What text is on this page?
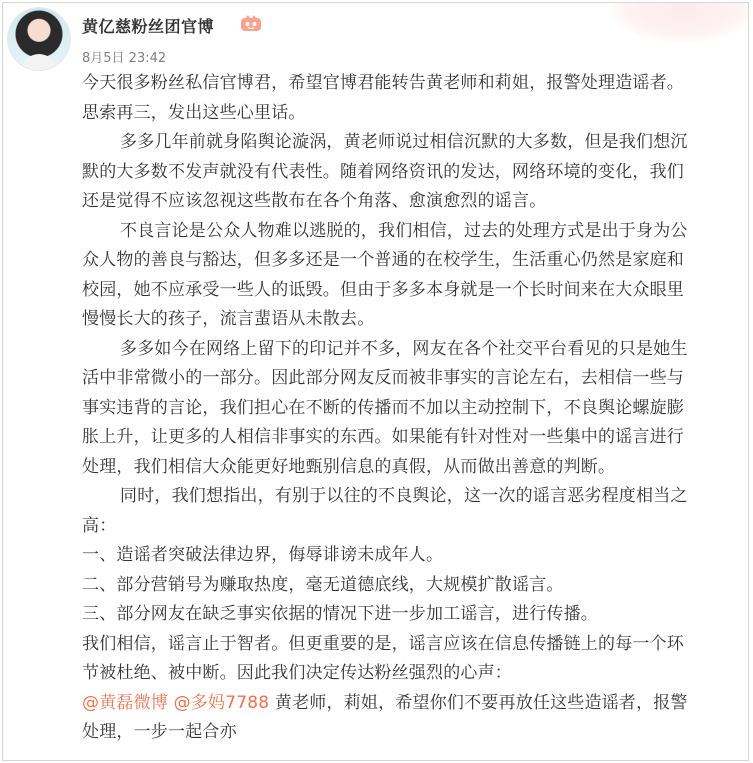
黄亿慈粉丝团官博
8月5日 23:42

今天很多粉丝私信官博君，希望官博君能转告黄老师和莉姐，报警处理造谣者。
思索再三，发出这些心里话。

多多几年前就身陷舆论漩涡，黄老师说过相信沉默的大多数，但是我们想沉
默的大多数不发声就没有代表性。随着网络资讯的发达，网络环境的变化，我们
还是觉得不应该忽视这些散布在各个角落、愈演愈烈的谣言。

不良言论是公众人物难以逃脱的，我们相信，过去的处理方式是出于身为公
众人物的善良与豁达，但多多还是一个普通的在校学生，生活重心仍然是家庭和
校园，她不应承受一些人的诋毁。但由于多多本身就是一个长时间来在大众眼里
慢慢长大的孩子，流言蜚语从未散去。

多多如今在网络上留下的印记并不多，网友在各个社交平台看见的只是她生
活中非常微小的一部分。因此部分网友反而被非事实的言论左右，去相信一些与
事实违背的言论，我们担心在不断的传播而不加以主动控制下，不良舆论螺旋膨
胀上升，让更多的人相信非事实的东西。如果能有针对性对一些集中的谣言进行
处理，我们相信大众能更好地甄别信息的真假，从而做出善意的判断。

同时，我们想指出，有别于以往的不良舆论，这一次的谣言恶劣程度相当之
高：

一、造谣者突破法律边界，侮辱诽谤未成年人。
二、部分营销号为赚取热度，毫无道德底线，大规模扩散谣言。
三、部分网友在缺乏事实依据的情况下进一步加工谣言，进行传播。

我们相信，谣言止于智者。但更重要的是，谣言应该在信息传播链上的每一个环
节被杜绝、被中断。因此我们决定传达粉丝强烈的心声：

@黄磊微博 @多妈7788 黄老师，莉姐，希望你们不要再放任这些造谣者，报警
处理，一步一起合亦
